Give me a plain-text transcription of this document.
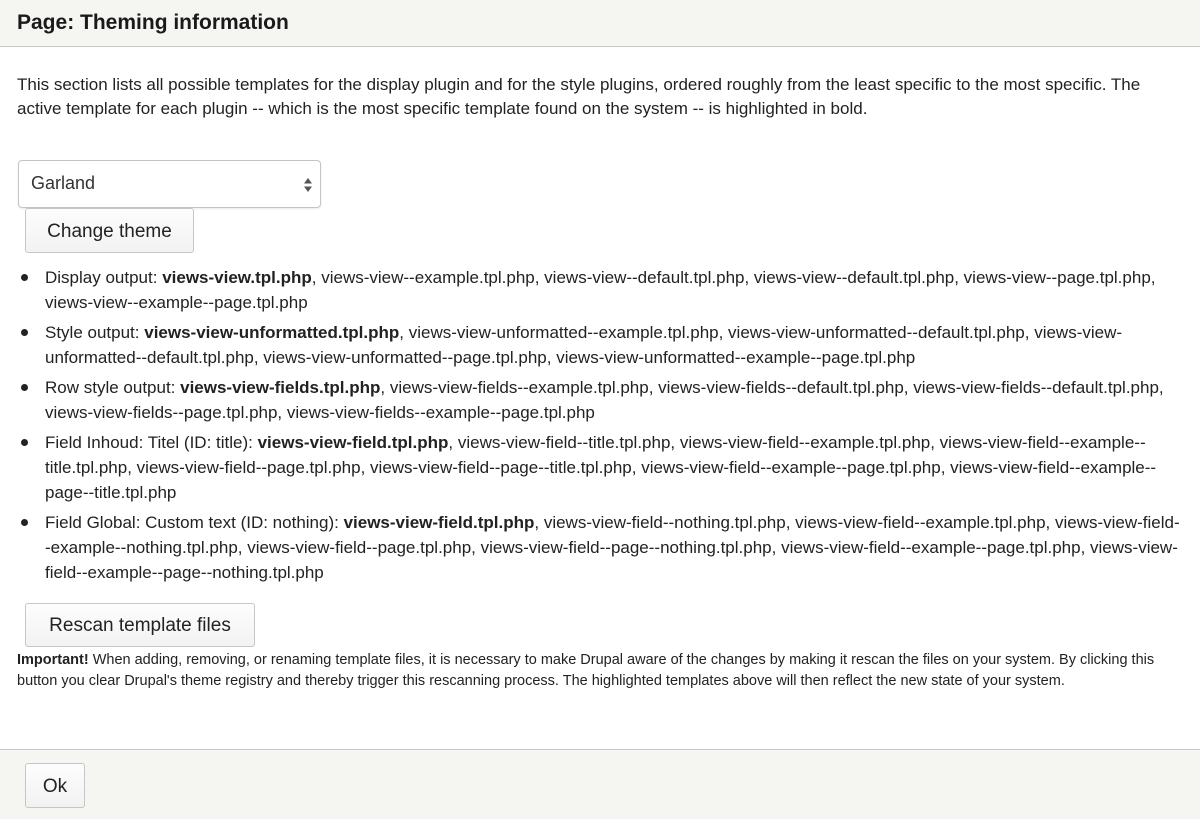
Page: Theming information

This section lists all possible templates for the display plugin and for the style plugins, ordered roughly from the least specific to the most specific. The active template for each plugin -- which is the most specific template found on the system -- is highlighted in bold.

Garland
Change theme
Display output: views-view.tpl.php, views-view--example.tpl.php, views-view--default.tpl.php, views-view--default.tpl.php, views-view--page.tpl.php, views-view--example--page.tpl.php
Style output: views-view-unformatted.tpl.php, views-view-unformatted--example.tpl.php, views-view-unformatted--default.tpl.php, views-view-unformatted--default.tpl.php, views-view-unformatted--page.tpl.php, views-view-unformatted--example--page.tpl.php
Row style output: views-view-fields.tpl.php, views-view-fields--example.tpl.php, views-view-fields--default.tpl.php, views-view-fields--default.tpl.php, views-view-fields--page.tpl.php, views-view-fields--example--page.tpl.php
Field Inhoud: Titel (ID: title): views-view-field.tpl.php, views-view-field--title.tpl.php, views-view-field--example.tpl.php, views-view-field--example--title.tpl.php, views-view-field--page.tpl.php, views-view-field--page--title.tpl.php, views-view-field--example--page.tpl.php, views-view-field--example--page--title.tpl.php
Field Global: Custom text (ID: nothing): views-view-field.tpl.php, views-view-field--nothing.tpl.php, views-view-field--example.tpl.php, views-view-field--example--nothing.tpl.php, views-view-field--page.tpl.php, views-view-field--page--nothing.tpl.php, views-view-field--example--page.tpl.php, views-view-field--example--page--nothing.tpl.php
Rescan template files

Important! When adding, removing, or renaming template files, it is necessary to make Drupal aware of the changes by making it rescan the files on your system. By clicking this button you clear Drupal's theme registry and thereby trigger this rescanning process. The highlighted templates above will then reflect the new state of your system.

Ok
